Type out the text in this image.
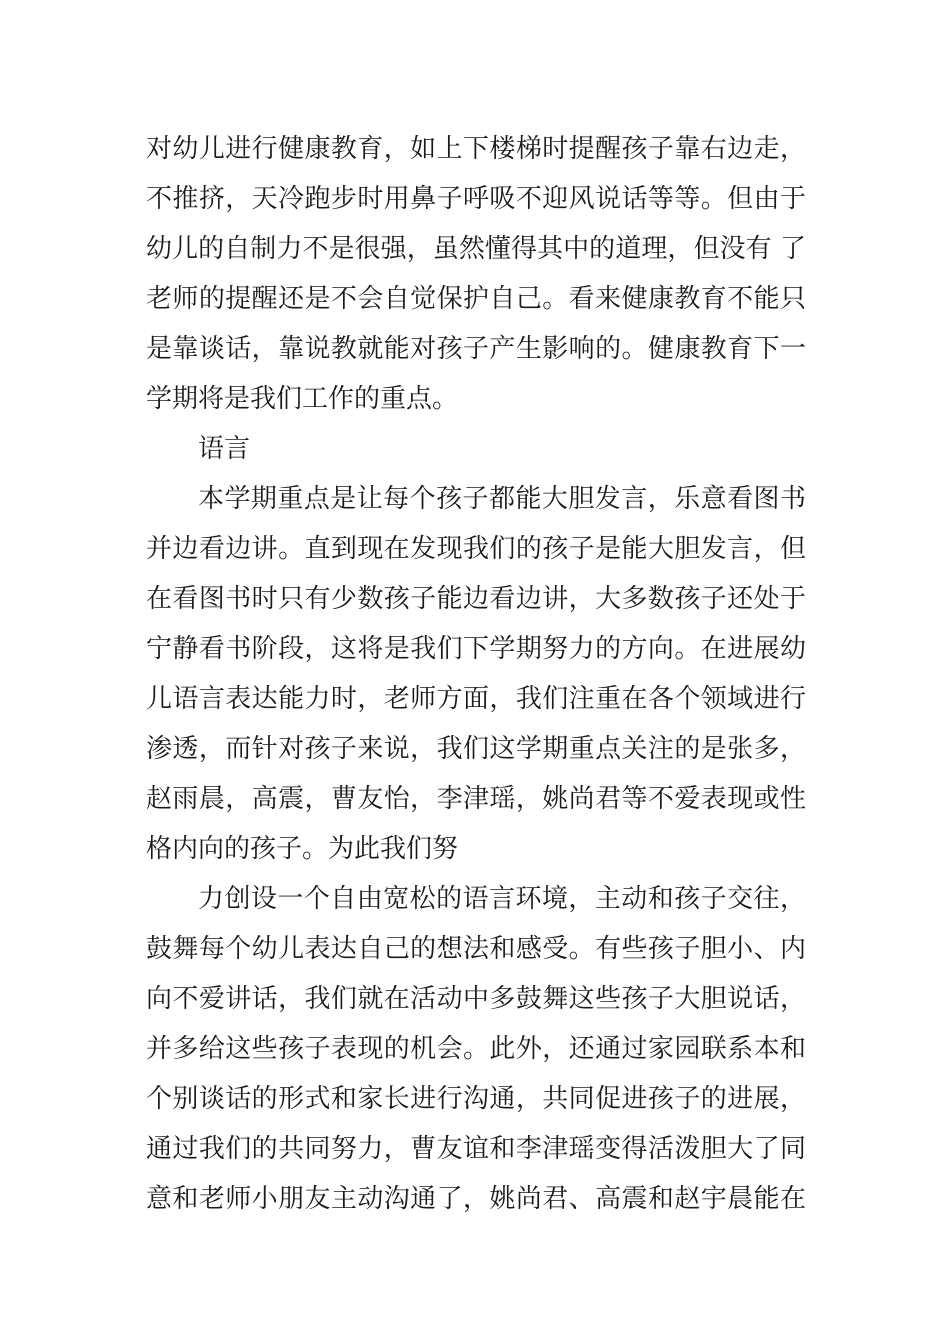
对幼儿进行健康教育，如上下楼梯时提醒孩子靠右边走，
不推挤，天冷跑步时用鼻子呼吸不迎风说话等等。但由于
幼儿的自制力不是很强，虽然懂得其中的道理，但没有 了
老师的提醒还是不会自觉保护自己。看来健康教育不能只
是靠谈话，靠说教就能对孩子产生影响的。健康教育下一
学期将是我们工作的重点。
语言
本学期重点是让每个孩子都能大胆发言，乐意看图书
并边看边讲。直到现在发现我们的孩子是能大胆发言，但
在看图书时只有少数孩子能边看边讲，大多数孩子还处于
宁静看书阶段，这将是我们下学期努力的方向。在进展幼
儿语言表达能力时，老师方面，我们注重在各个领域进行
渗透，而针对孩子来说，我们这学期重点关注的是张多，
赵雨晨，高震，曹友怡，李津瑶，姚尚君等不爱表现或性
格内向的孩子。为此我们努
力创设一个自由宽松的语言环境，主动和孩子交往，
鼓舞每个幼儿表达自己的想法和感受。有些孩子胆小、内
向不爱讲话，我们就在活动中多鼓舞这些孩子大胆说话，
并多给这些孩子表现的机会。此外，还通过家园联系本和
个别谈话的形式和家长进行沟通，共同促进孩子的进展，
通过我们的共同努力，曹友谊和李津瑶变得活泼胆大了同
意和老师小朋友主动沟通了，姚尚君、高震和赵宇晨能在
